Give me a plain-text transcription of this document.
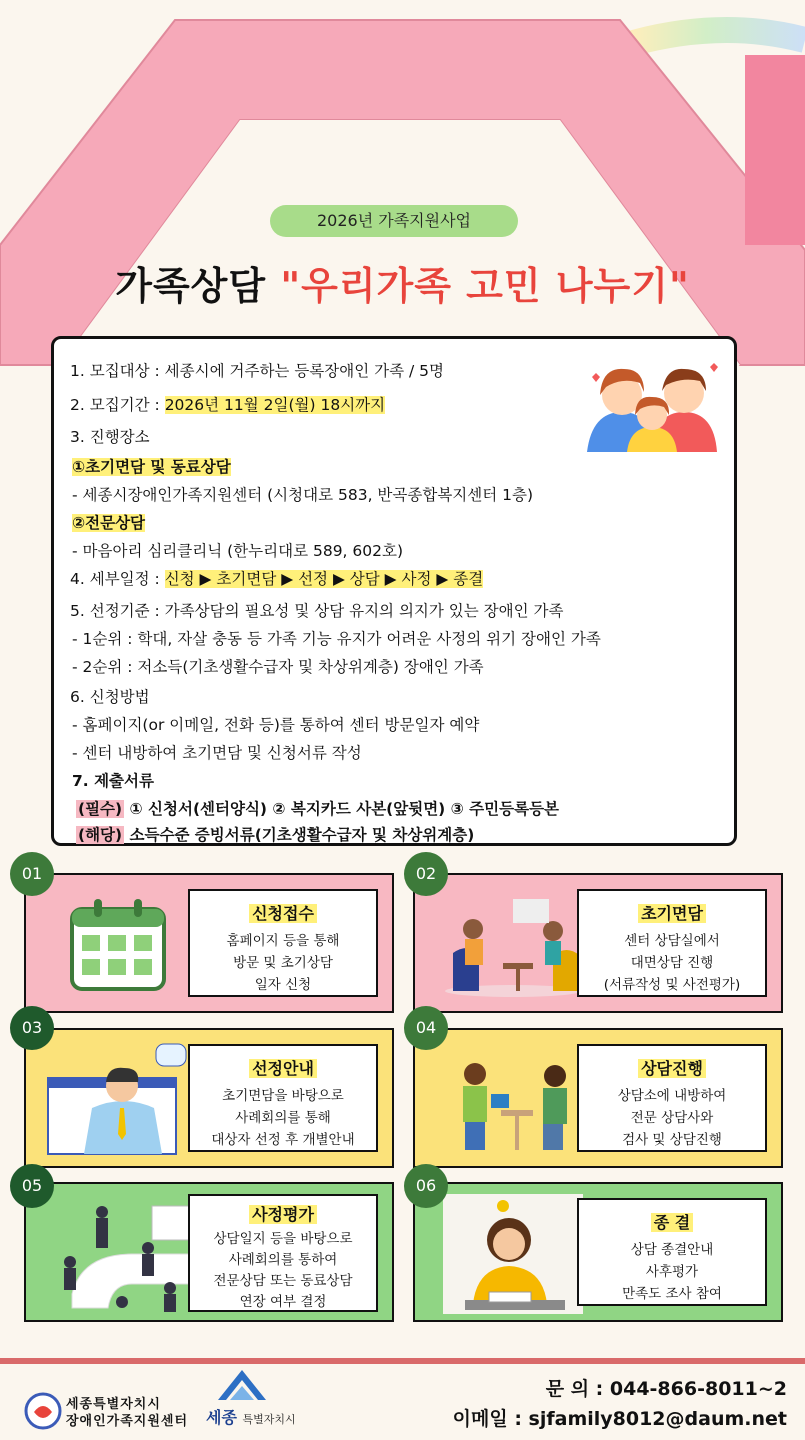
2026년 가족지원사업
가족상담 "우리가족 고민 나누기"
1. 모집대상 : 세종시에 거주하는 등록장애인 가족 / 5명
2. 모집기간 : 2026년 11월 2일(월) 18시까지
3. 진행장소
①초기면담 및 동료상담
- 세종시장애인가족지원센터 (시청대로 583, 반곡종합복지센터 1층)
②전문상담
- 마음아리 심리클리닉 (한누리대로 589, 602호)
4. 세부일정 : 신청 ▶ 초기면담 ▶ 선정 ▶ 상담 ▶ 사정 ▶ 종결
5. 선정기준 : 가족상담의 필요성 및 상담 유지의 의지가 있는 장애인 가족
- 1순위 : 학대, 자살 충동 등 가족 기능 유지가 어려운 사정의 위기 장애인 가족
- 2순위 : 저소득(기초생활수급자 및 차상위계층) 장애인 가족
6. 신청방법
- 홈페이지(or 이메일, 전화 등)를 통하여 센터 방문일자 예약
- 센터 내방하여 초기면담 및 신청서류 작성
7. 제출서류
(필수) ① 신청서(센터양식) ② 복지카드 사본(앞뒷면) ③ 주민등록등본
(해당) 소득수준 증빙서류(기초생활수급자 및 차상위계층)
신청접수
홈페이지 등을 통해
방문 및 초기상담
일자 신청
초기면담
센터 상담실에서
대면상담 진행
(서류작성 및 사전평가)
선정안내
초기면담을 바탕으로
사례회의를 통해
대상자 선정 후 개별안내
상담진행
상담소에 내방하여
전문 상담사와
검사 및 상담진행
사정평가
상담일지 등을 바탕으로
사례회의를 통하여
전문상담 또는 동료상담
연장 여부 결정
종 결
상담 종결안내
사후평가
만족도 조사 참여
01	02
03	04
05	06
세종특별자치시
장애인가족지원센터 세종 특별자치시
문 의 : 044-866-8011~2
이메일 : sjfamily8012@daum.net
